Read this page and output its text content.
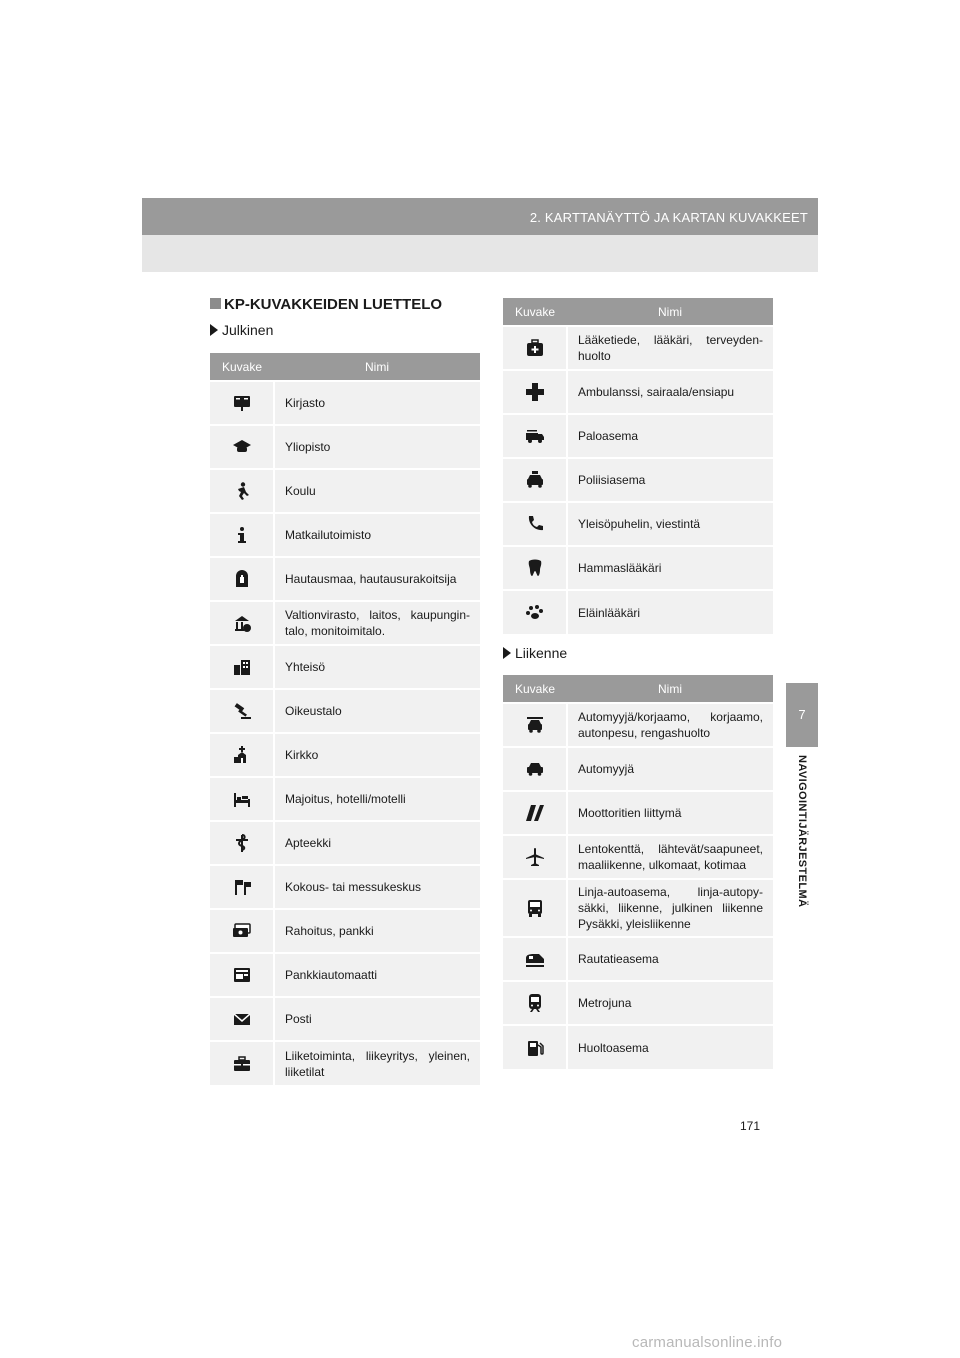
2. KARTTANÄYTTÖ JA KARTAN KUVAKKEET
7
NAVIGOINTIJÄRJESTELMÄ
KP-KUVAKKEIDEN LUETTELO
Julkinen
Liikenne
Kuvake	Nimi
	Kirjasto
	Yliopisto
	Koulu
	Matkailutoimisto
	Hautausmaa, hautausurakoitsija
	Valtionvirasto, laitos, kaupungin-talo, monitoimitalo.
	Yhteisö
	Oikeustalo
	Kirkko
	Majoitus, hotelli/motelli
	Apteekki
	Kokous- tai messukeskus
	Rahoitus, pankki
	Pankkiautomaatti
	Posti
	Liiketoiminta, liikeyritys, yleinen, liiketilat
Kuvake	Nimi
	Lääketiede, lääkäri, terveyden-huolto
	Ambulanssi, sairaala/ensiapu
	Paloasema
	Poliisiasema
	Yleisöpuhelin, viestintä
	Hammaslääkäri
	Eläinlääkäri
Kuvake	Nimi
	Automyyjä/korjaamo, korjaamo, autonpesu, rengashuolto
	Automyyjä
	Moottoritien liittymä
	Lentokenttä, lähtevät/saapuneet, maaliikenne, ulkomaat, kotimaa
	Linja-autoasema, linja-autopy-säkki, liikenne, julkinen liikenne Pysäkki, yleisliikenne
	Rautatieasema
	Metrojuna
	Huoltoasema
171
carmanualsonline.info
